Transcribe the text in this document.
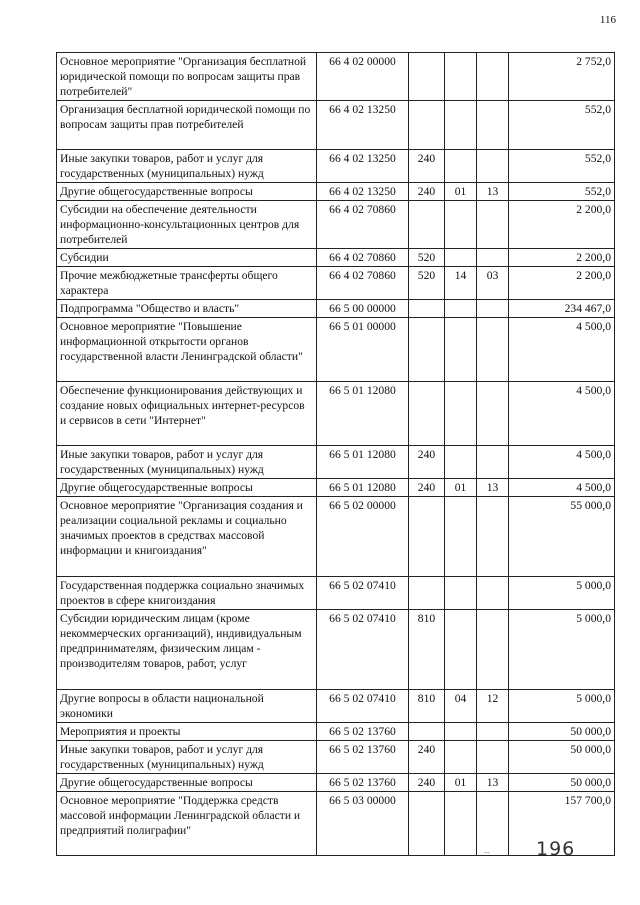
116
Основное мероприятие "Организация бесплатной юридической помощи по вопросам защиты прав потребителей"	66 4 02 00000				2 752,0
Организация бесплатной юридической помощи по вопросам защиты прав потребителей	66 4 02 13250				552,0
Иные закупки товаров, работ и услуг для государственных (муниципальных) нужд	66 4 02 13250	240			552,0
Другие общегосударственные вопросы	66 4 02 13250	240	01	13	552,0
Субсидии на обеспечение деятельности информационно-консультационных центров для потребителей	66 4 02 70860				2 200,0
Субсидии	66 4 02 70860	520			2 200,0
Прочие межбюджетные трансферты общего характера	66 4 02 70860	520	14	03	2 200,0
Подпрограмма "Общество и власть"	66 5 00 00000				234 467,0
Основное мероприятие "Повышение информационной открытости органов государственной власти Ленинградской области"	66 5 01 00000				4 500,0
Обеспечение функционирования действующих и создание новых официальных интернет-ресурсов и сервисов в сети "Интернет"	66 5 01 12080				4 500,0
Иные закупки товаров, работ и услуг для государственных (муниципальных) нужд	66 5 01 12080	240			4 500,0
Другие общегосударственные вопросы	66 5 01 12080	240	01	13	4 500,0
Основное мероприятие "Организация создания и реализации социальной рекламы и социально значимых проектов в средствах массовой информации и книгоиздания"	66 5 02 00000				55 000,0
Государственная поддержка социально значимых проектов в сфере книгоиздания	66 5 02 07410				5 000,0
Субсидии юридическим лицам (кроме некоммерческих организаций), индивидуальным предпринимателям, физическим лицам - производителям товаров, работ, услуг	66 5 02 07410	810			5 000,0
Другие вопросы в области национальной экономики	66 5 02 07410	810	04	12	5 000,0
Мероприятия и проекты	66 5 02 13760				50 000,0
Иные закупки товаров, работ и услуг для государственных (муниципальных) нужд	66 5 02 13760	240			50 000,0
Другие общегосударственные вопросы	66 5 02 13760	240	01	13	50 000,0
Основное мероприятие "Поддержка средств массовой информации Ленинградской области и предприятий полиграфии"	66 5 03 00000				157 700,0
-- 196
